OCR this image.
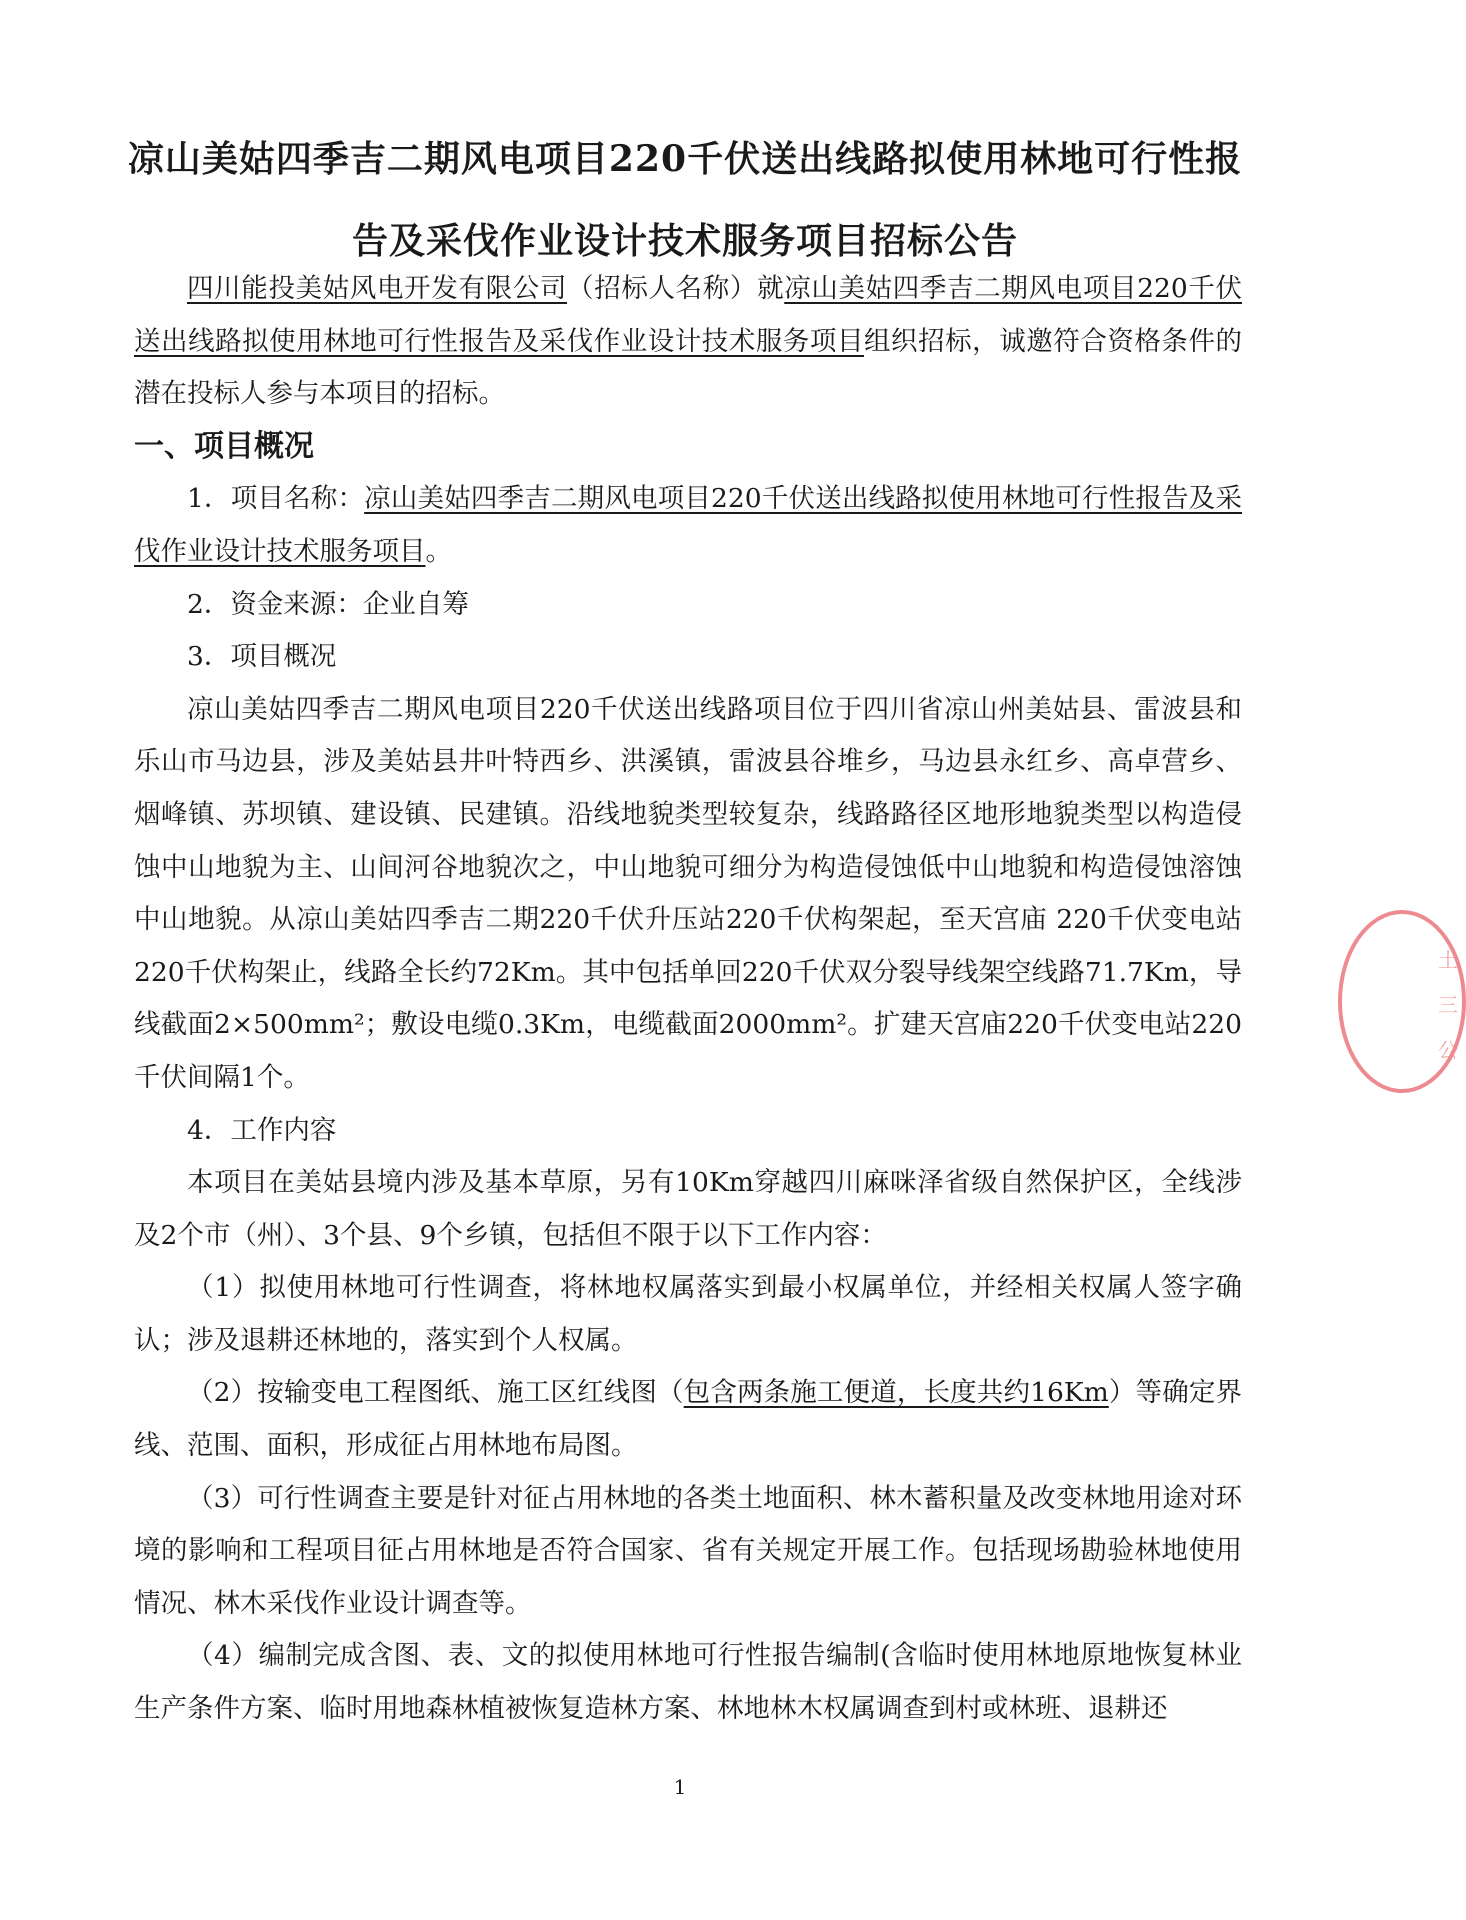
凉山美姑四季吉二期风电项目220千伏送出线路拟使用林地可行性报
告及采伐作业设计技术服务项目招标公告

四川能投美姑风电开发有限公司（招标人名称）就凉山美姑四季吉二期风电项目220千伏送出线路拟使用林地可行性报告及采伐作业设计技术服务项目组织招标，诚邀符合资格条件的潜在投标人参与本项目的招标。

一、项目概况

1．项目名称：凉山美姑四季吉二期风电项目220千伏送出线路拟使用林地可行性报告及采伐作业设计技术服务项目。

2．资金来源：企业自筹

3．项目概况

凉山美姑四季吉二期风电项目220千伏送出线路项目位于四川省凉山州美姑县、雷波县和乐山市马边县，涉及美姑县井叶特西乡、洪溪镇，雷波县谷堆乡，马边县永红乡、高卓营乡、烟峰镇、苏坝镇、建设镇、民建镇。沿线地貌类型较复杂，线路路径区地形地貌类型以构造侵蚀中山地貌为主、山间河谷地貌次之，中山地貌可细分为构造侵蚀低中山地貌和构造侵蚀溶蚀中山地貌。从凉山美姑四季吉二期220千伏升压站220千伏构架起，至天宫庙 220千伏变电站220千伏构架止，线路全长约72Km。其中包括单回220千伏双分裂导线架空线路71.7Km，导线截面2×500mm²；敷设电缆0.3Km，电缆截面2000mm²。扩建天宫庙220千伏变电站220千伏间隔1个。

4．工作内容

本项目在美姑县境内涉及基本草原，另有10Km穿越四川麻咪泽省级自然保护区，全线涉及2个市（州）、3个县、9个乡镇，包括但不限于以下工作内容：

（1）拟使用林地可行性调查，将林地权属落实到最小权属单位，并经相关权属人签字确认；涉及退耕还林地的，落实到个人权属。

（2）按输变电工程图纸、施工区红线图（包含两条施工便道，长度共约16Km）等确定界线、范围、面积，形成征占用林地布局图。

（3）可行性调查主要是针对征占用林地的各类土地面积、林木蓄积量及改变林地用途对环境的影响和工程项目征占用林地是否符合国家、省有关规定开展工作。包括现场勘验林地使用情况、林木采伐作业设计调查等。

（4）编制完成含图、表、文的拟使用林地可行性报告编制(含临时使用林地原地恢复林业生产条件方案、临时用地森林植被恢复造林方案、林地林木权属调查到村或林班、退耕还

1
土
三
公
